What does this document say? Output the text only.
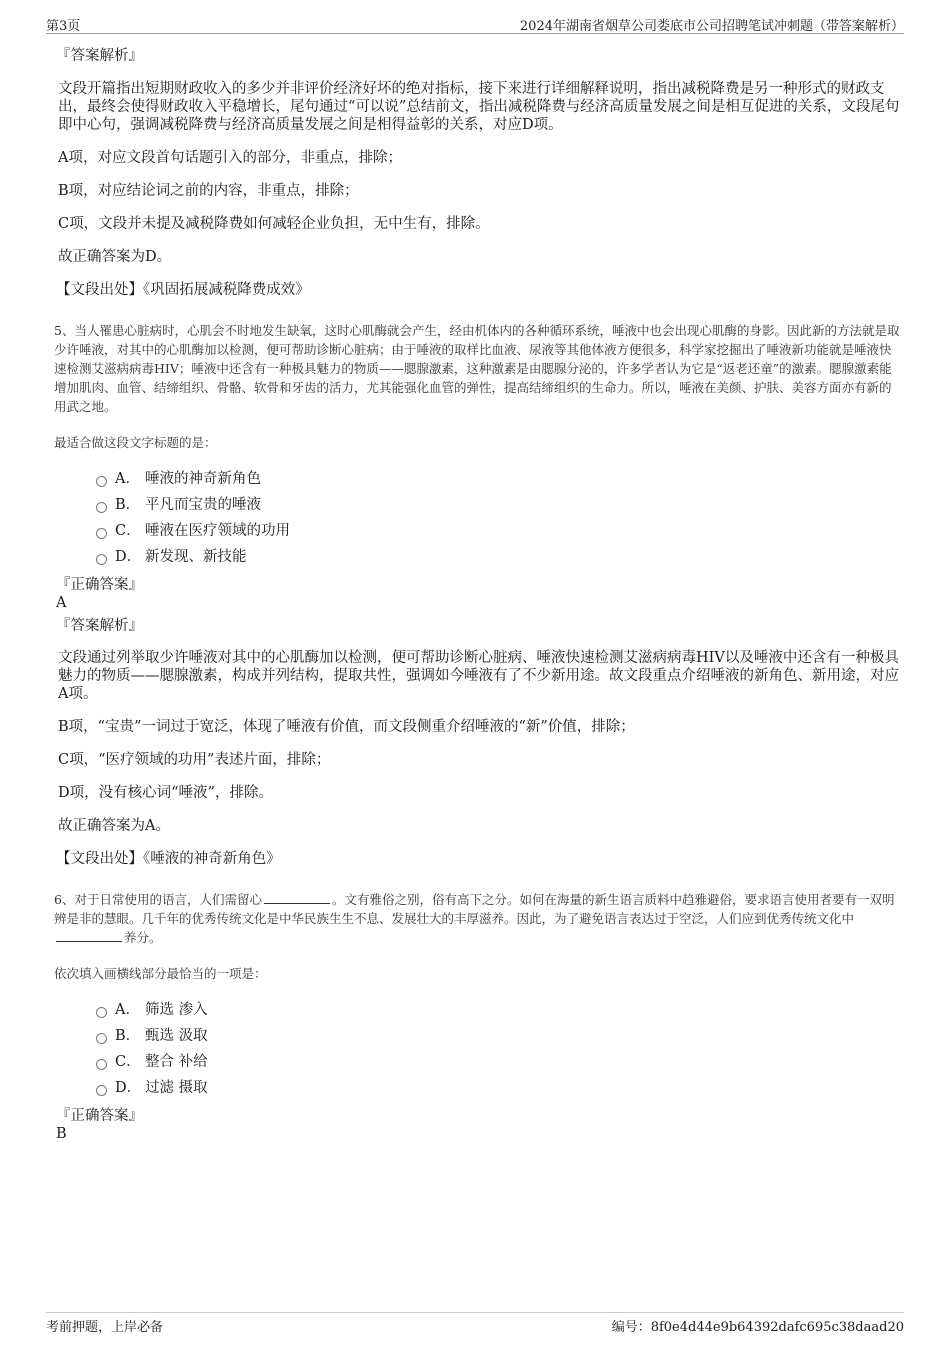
第3页	2024年湖南省烟草公司娄底市公司招聘笔试冲刺题（带答案解析）
『答案解析』
文段开篇指出短期财政收入的多少并非评价经济好坏的绝对指标，接下来进行详细解释说明，指出减税降费是另一种形式的财政支出，最终会使得财政收入平稳增长，尾句通过“可以说”总结前文，指出减税降费与经济高质量发展之间是相互促进的关系，文段尾句即中心句，强调减税降费与经济高质量发展之间是相得益彰的关系，对应D项。
A项，对应文段首句话题引入的部分，非重点，排除；
B项，对应结论词之前的内容，非重点，排除；
C项，文段并未提及减税降费如何减轻企业负担，无中生有，排除。
故正确答案为D。
【文段出处】《巩固拓展减税降费成效》
5、当人罹患心脏病时，心肌会不时地发生缺氧，这时心肌酶就会产生，经由机体内的各种循环系统，唾液中也会出现心肌酶的身影。因此新的方法就是取少许唾液，对其中的心肌酶加以检测，便可帮助诊断心脏病；由于唾液的取样比血液、尿液等其他体液方便很多，科学家挖掘出了唾液新功能就是唾液快速检测艾滋病病毒HIV；唾液中还含有一种极具魅力的物质——腮腺激素，这种激素是由腮腺分泌的，许多学者认为它是“返老还童”的激素。腮腺激素能增加肌肉、血管、结缔组织、骨骼、软骨和牙齿的活力，尤其能强化血管的弹性，提高结缔组织的生命力。所以，唾液在美颜、护肤、美容方面亦有新的用武之地。
最适合做这段文字标题的是：
A． 唾液的神奇新角色
B． 平凡而宝贵的唾液
C． 唾液在医疗领域的功用
D． 新发现、新技能
『正确答案』
A
『答案解析』
文段通过列举取少许唾液对其中的心肌酶加以检测，便可帮助诊断心脏病、唾液快速检测艾滋病病毒HIV以及唾液中还含有一种极具魅力的物质——腮腺激素，构成并列结构，提取共性，强调如今唾液有了不少新用途。故文段重点介绍唾液的新角色、新用途，对应A项。
B项，“宝贵”一词过于宽泛，体现了唾液有价值，而文段侧重介绍唾液的“新”价值，排除；
C项，“医疗领域的功用”表述片面，排除；
D项，没有核心词“唾液”，排除。
故正确答案为A。
【文段出处】《唾液的神奇新角色》
6、对于日常使用的语言，人们需留心	。文有雅俗之别，俗有高下之分。如何在海量的新生语言质料中趋雅避俗，要求语言使用者要有一双明辨是非的慧眼。几千年的优秀传统文化是中华民族生生不息、发展壮大的丰厚滋养。因此，为了避免语言表达过于空泛，人们应到优秀传统文化中养分。
依次填入画横线部分最恰当的一项是：
A． 筛选 渗入
B． 甄选 汲取
C． 整合 补给
D． 过滤 摄取
『正确答案』
B
考前押题，上岸必备	编号：8f0e4d44e9b64392dafc695c38daad20
